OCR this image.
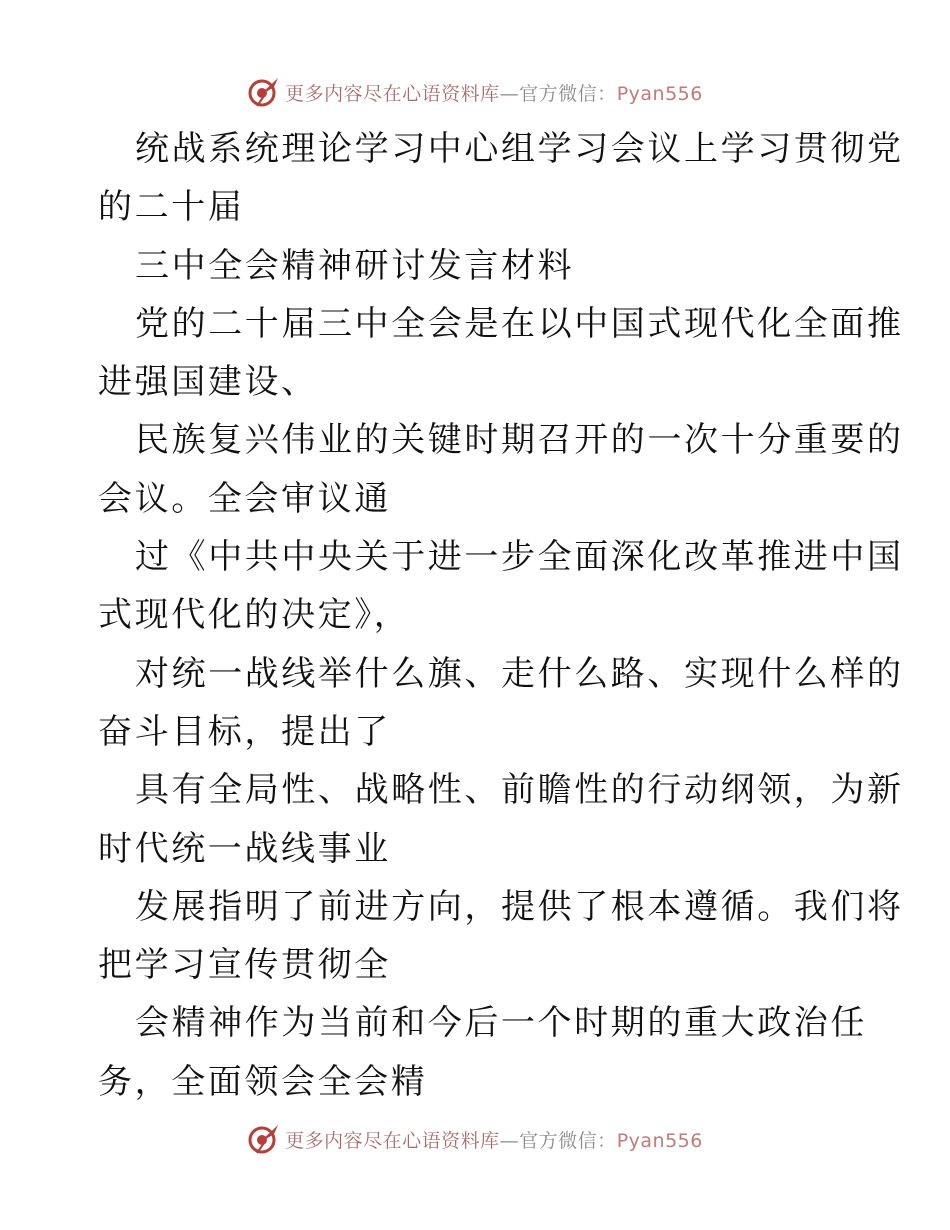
更多内容尽在心语资料库—官方微信：Pyan556
统战系统理论学习中心组学习会议上学习贯彻党
的二十届
三中全会精神研讨发言材料
党的二十届三中全会是在以中国式现代化全面推
进强国建设、
民族复兴伟业的关键时期召开的一次十分重要的
会议。全会审议通
过《中共中央关于进一步全面深化改革推进中国
式现代化的决定》，
对统一战线举什么旗、走什么路、实现什么样的
奋斗目标，提出了
具有全局性、战略性、前瞻性的行动纲领，为新
时代统一战线事业
发展指明了前进方向，提供了根本遵循。我们将
把学习宣传贯彻全
会精神作为当前和今后一个时期的重大政治任
务，全面领会全会精
更多内容尽在心语资料库—官方微信：Pyan556
